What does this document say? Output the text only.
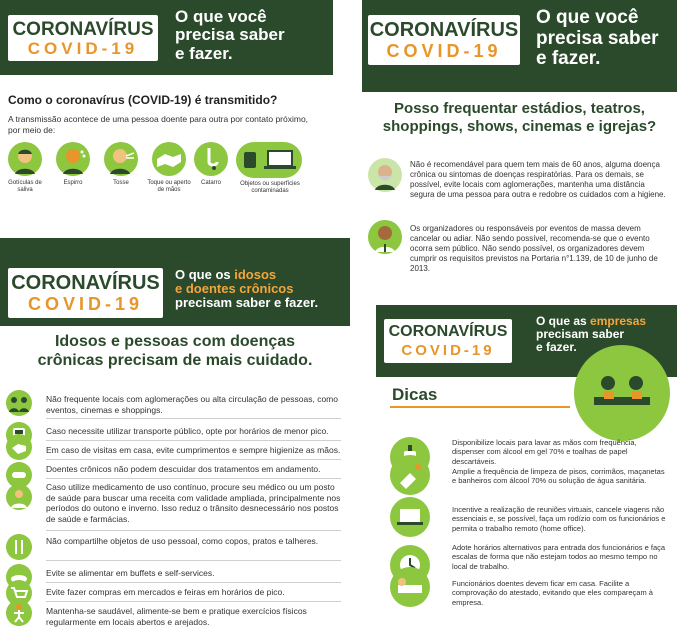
CORONAVÍRUS
COVID-19
O que você
precisa saber
e fazer.
Como o coronavírus (COVID-19) é transmitido?
A transmissão acontece de uma pessoa doente para outra por contato próximo, por meio de:
Gotículas de saliva
Espirro	Tosse	Toque ou aperto de mãos
Catarro	Objetos ou superfícies contaminadas
CORONAVÍRUS
COVID-19
O que você
precisa saber
e fazer.
Posso frequentar estádios, teatros,
shoppings, shows, cinemas e igrejas?
Não é recomendável para quem tem mais de 60 anos, alguma doença crônica ou sintomas de doenças respiratórias. Para os demais, se possível, evite locais com aglomerações, mantenha uma distância segura de uma pessoa para outra e redobre os cuidados com a higiene.
Os organizadores ou responsáveis por eventos de massa devem cancelar ou adiar. Não sendo possível, recomenda-se que o evento ocorra sem público. Não sendo possível, os organizadores devem cumprir os requisitos previstos na Portaria n°1.139, de 10 de junho de 2013.
CORONAVÍRUS
COVID-19
O que os idosos
e doentes crônicos
precisam saber e fazer.
Idosos e pessoas com doenças
crônicas precisam de mais cuidado.
Não frequente locais com aglomerações ou alta circulação de pessoas, como eventos, cinemas e shoppings.
Caso necessite utilizar transporte público, opte por horários de menor pico.
Em caso de visitas em casa, evite cumprimentos e sempre higienize as mãos.
Doentes crônicos não podem descuidar dos tratamentos em andamento.
Caso utilize medicamento de uso contínuo, procure seu médico ou um posto de saúde para buscar uma receita com validade ampliada, principalmente nos períodos do outono e inverno. Isso reduz o trânsito desnecessário nos postos de saúde e farmácias.
Não compartilhe objetos de uso pessoal, como copos, pratos e talheres.
Evite se alimentar em buffets e self-services.
Evite fazer compras em mercados e feiras em horários de pico.
Mantenha-se saudável, alimente-se bem e pratique exercícios físicos regularmente em locais abertos e arejados.
CORONAVÍRUS
COVID-19
O que as empresas
precisam saber
e fazer.
Dicas
Disponibilize locais para lavar as mãos com frequência, dispenser com álcool em gel 70% e toalhas de papel descartáveis.
Amplie a frequência de limpeza de pisos, corrimãos, maçanetas e banheiros com álcool 70% ou solução de água sanitária.
Incentive a realização de reuniões virtuais, cancele viagens não essenciais e, se possível, faça um rodízio com os funcionários e permita o trabalho remoto (home office).
Adote horários alternativos para entrada dos funcionários e faça escalas de forma que não estejam todos ao mesmo tempo no local de trabalho.
Funcionários doentes devem ficar em casa. Facilite a comprovação do atestado, evitando que eles compareçam à empresa.
